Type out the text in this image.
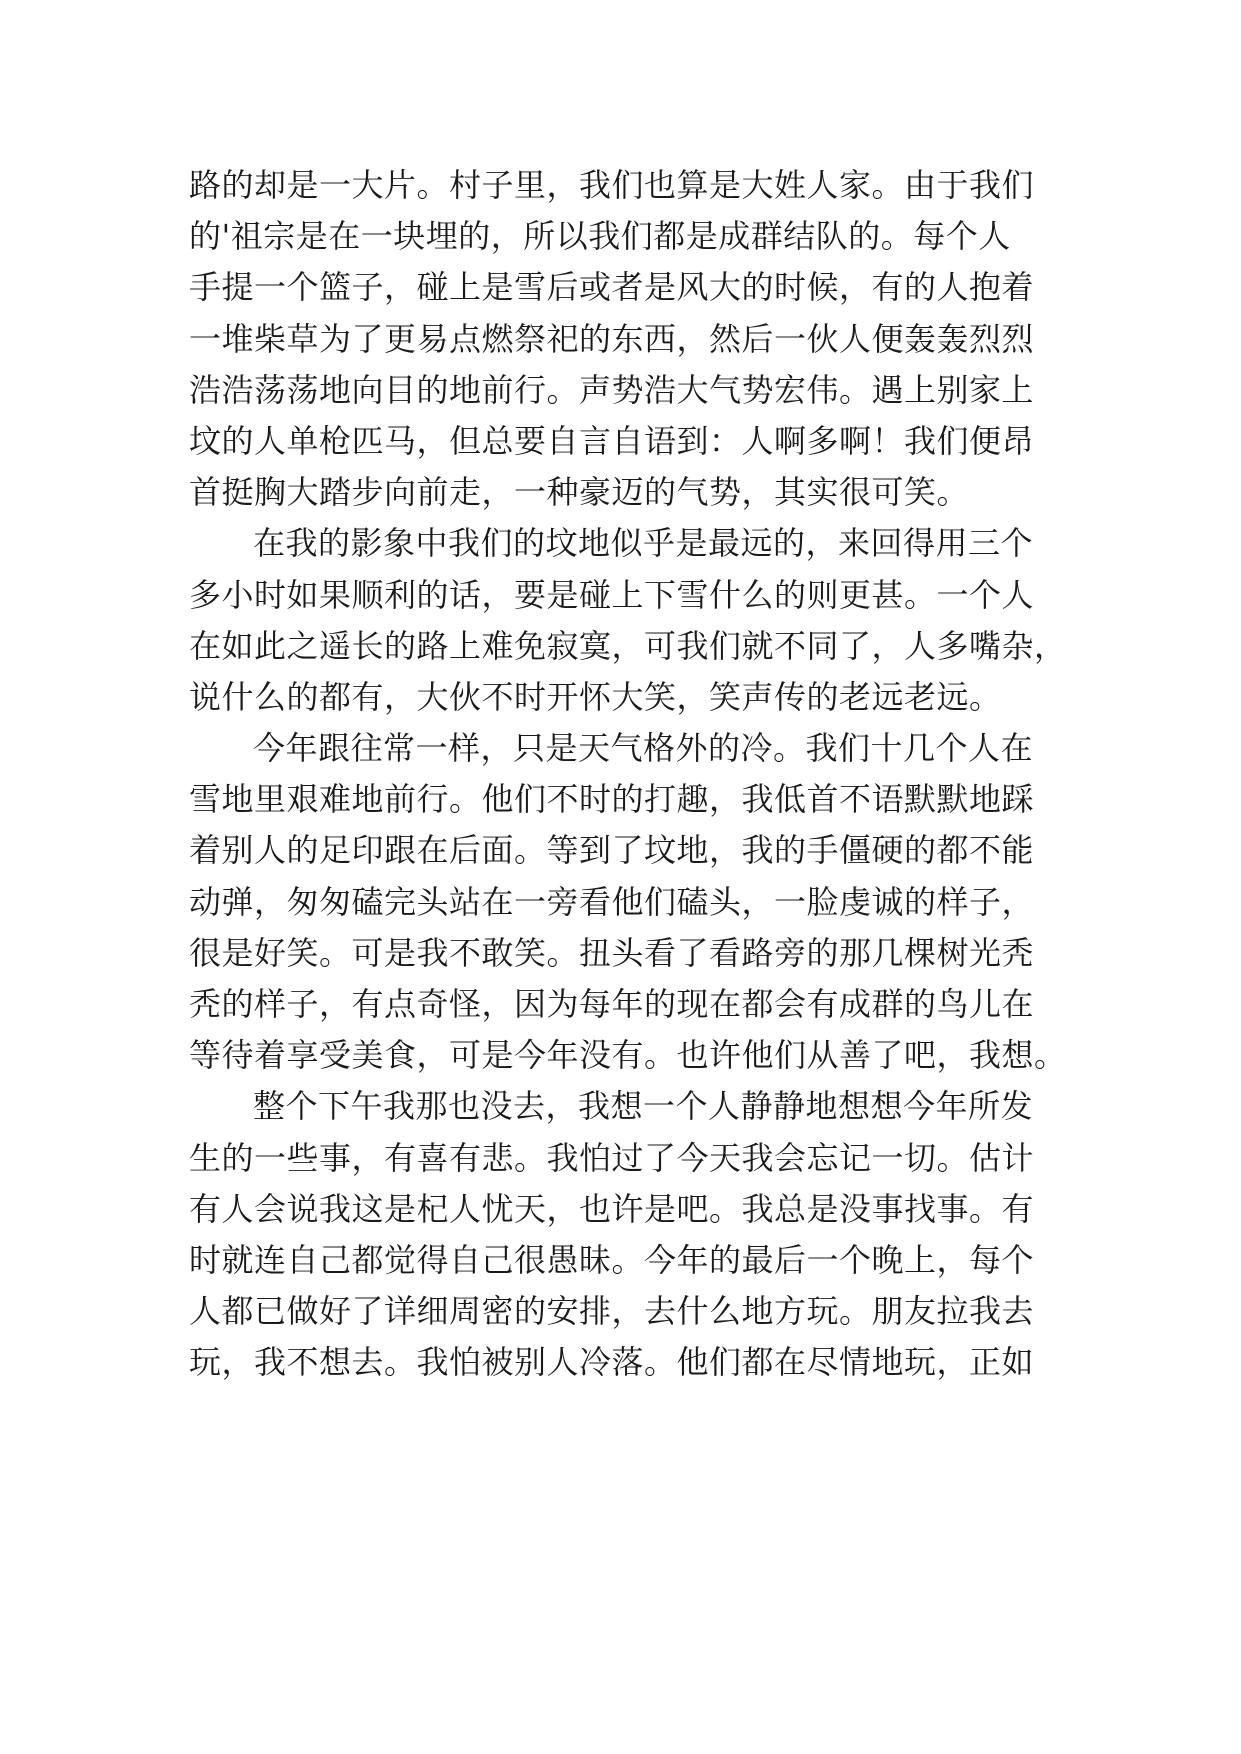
路的却是一大片。村子里，我们也算是大姓人家。由于我们
的'祖宗是在一块埋的，所以我们都是成群结队的。每个人
手提一个篮子，碰上是雪后或者是风大的时候，有的人抱着
一堆柴草为了更易点燃祭祀的东西，然后一伙人便轰轰烈烈
浩浩荡荡地向目的地前行。声势浩大气势宏伟。遇上别家上
坟的人单枪匹马，但总要自言自语到：人啊多啊！我们便昂
首挺胸大踏步向前走，一种豪迈的气势，其实很可笑。
在我的影象中我们的坟地似乎是最远的，来回得用三个
多小时如果顺利的话，要是碰上下雪什么的则更甚。一个人
在如此之遥长的路上难免寂寞，可我们就不同了，人多嘴杂，
说什么的都有，大伙不时开怀大笑，笑声传的老远老远。
今年跟往常一样，只是天气格外的冷。我们十几个人在
雪地里艰难地前行。他们不时的打趣，我低首不语默默地踩
着别人的足印跟在后面。等到了坟地，我的手僵硬的都不能
动弹，匆匆磕完头站在一旁看他们磕头，一脸虔诚的样子，
很是好笑。可是我不敢笑。扭头看了看路旁的那几棵树光秃
秃的样子，有点奇怪，因为每年的现在都会有成群的鸟儿在
等待着享受美食，可是今年没有。也许他们从善了吧，我想。
整个下午我那也没去，我想一个人静静地想想今年所发
生的一些事，有喜有悲。我怕过了今天我会忘记一切。估计
有人会说我这是杞人忧天，也许是吧。我总是没事找事。有
时就连自己都觉得自己很愚昧。今年的最后一个晚上，每个
人都已做好了详细周密的安排，去什么地方玩。朋友拉我去
玩，我不想去。我怕被别人冷落。他们都在尽情地玩，正如
